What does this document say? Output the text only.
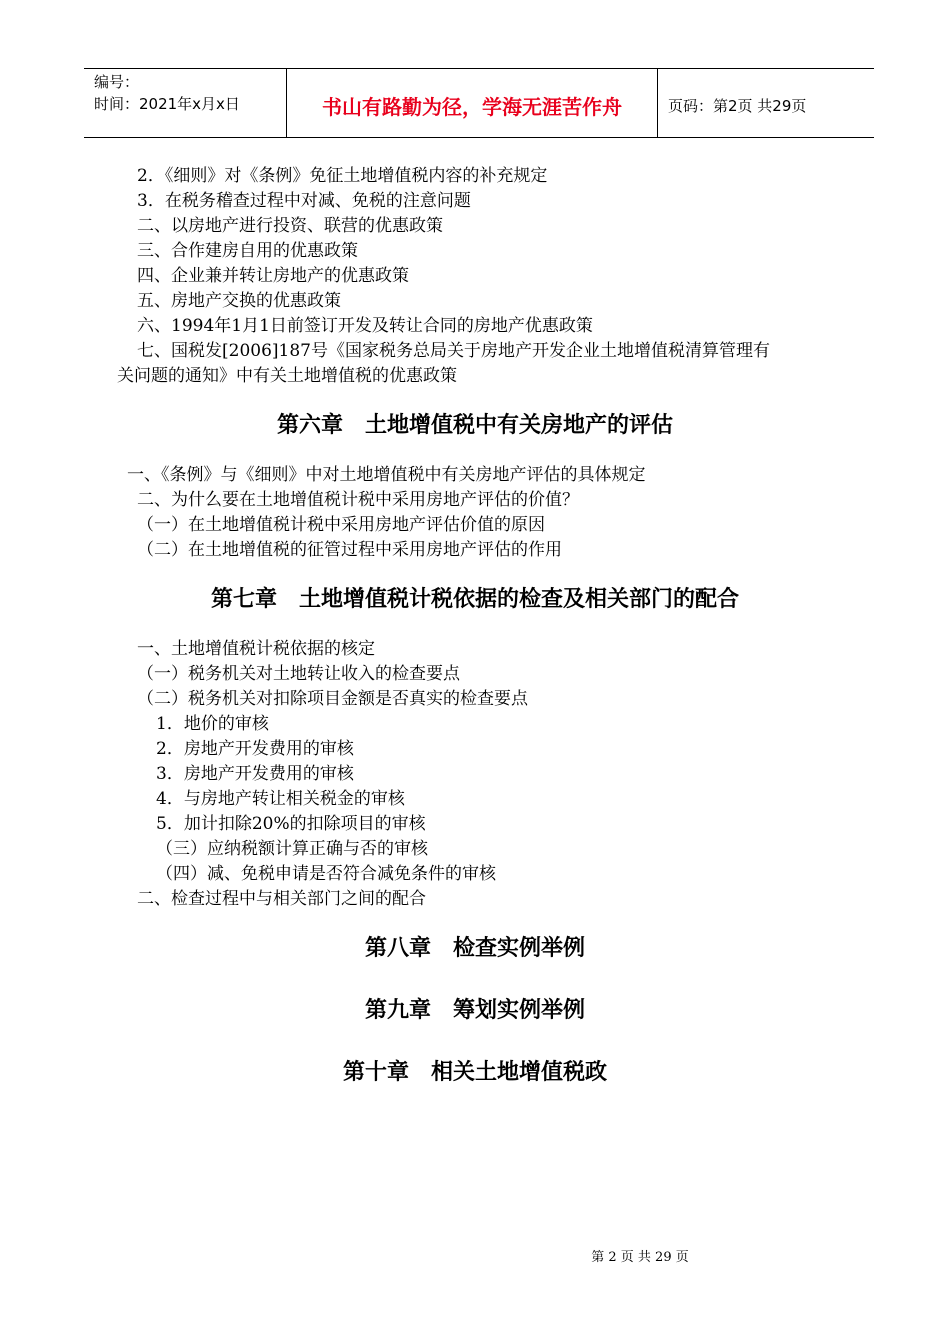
编号：
时间：2021年x月x日	书山有路勤为径，学海无涯苦作舟	页码：第2页 共29页
2．《细则》对《条例》免征土地增值税内容的补充规定
3．在税务稽查过程中对减、免税的注意问题
二、以房地产进行投资、联营的优惠政策
三、合作建房自用的优惠政策
四、企业兼并转让房地产的优惠政策
五、房地产交换的优惠政策
六、1994年1月1日前签订开发及转让合同的房地产优惠政策
七、国税发[2006]187号《国家税务总局关于房地产开发企业土地增值税清算管理有
关问题的通知》中有关土地增值税的优惠政策
第六章　土地增值税中有关房地产的评估
一、《条例》与《细则》中对土地增值税中有关房地产评估的具体规定
二、为什么要在土地增值税计税中采用房地产评估的价值？
（一）在土地增值税计税中采用房地产评估价值的原因
（二）在土地增值税的征管过程中采用房地产评估的作用
第七章　土地增值税计税依据的检查及相关部门的配合
一、土地增值税计税依据的核定
（一）税务机关对土地转让收入的检查要点
（二）税务机关对扣除项目金额是否真实的检查要点
1．地价的审核
2．房地产开发费用的审核
3．房地产开发费用的审核
4．与房地产转让相关税金的审核
5．加计扣除20%的扣除项目的审核
（三）应纳税额计算正确与否的审核
（四）减、免税申请是否符合减免条件的审核
二、检查过程中与相关部门之间的配合
第八章　检查实例举例
第九章　筹划实例举例
第十章　相关土地增值税政
第 2 页 共 29 页
